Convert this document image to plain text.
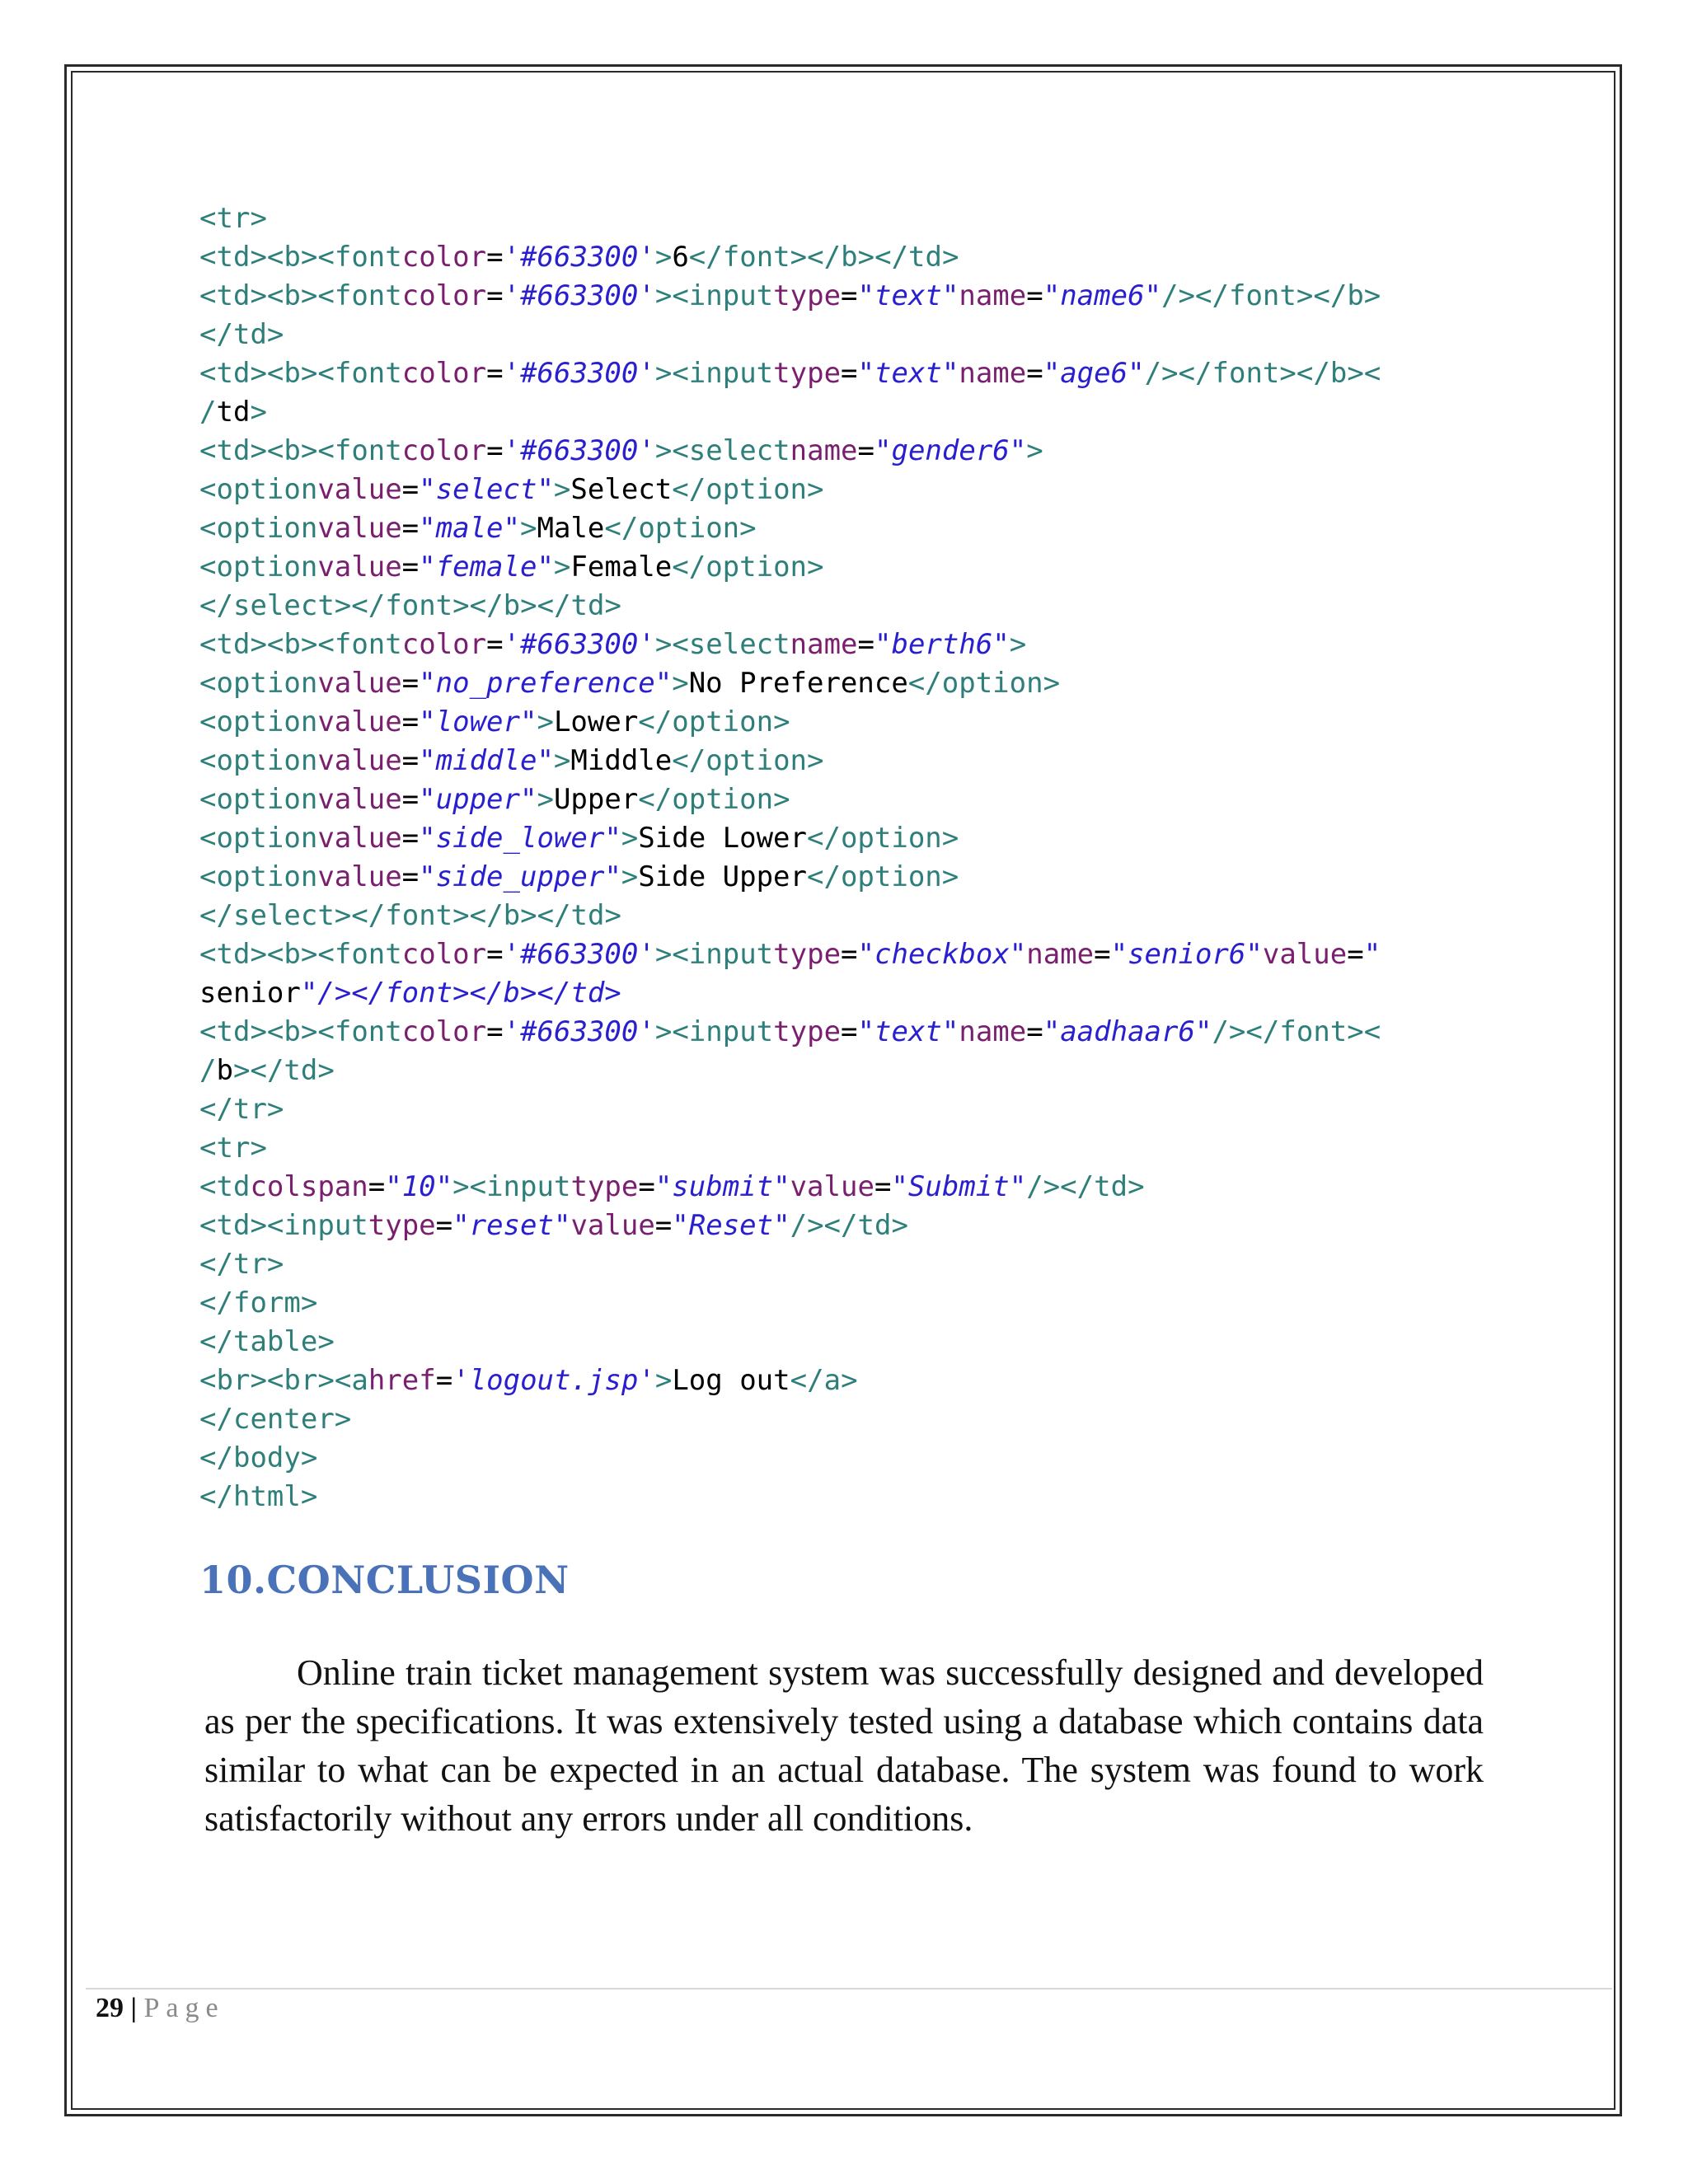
<tr>
<td><b><fontcolor='#663300'>6</font></b></td>
<td><b><fontcolor='#663300'><inputtype="text"name="name6"/></font></b>
</td>
<td><b><fontcolor='#663300'><inputtype="text"name="age6"/></font></b><
/td>
<td><b><fontcolor='#663300'><selectname="gender6">
<optionvalue="select">Select</option>
<optionvalue="male">Male</option>
<optionvalue="female">Female</option>
</select></font></b></td>
<td><b><fontcolor='#663300'><selectname="berth6">
<optionvalue="no_preference">No Preference</option>
<optionvalue="lower">Lower</option>
<optionvalue="middle">Middle</option>
<optionvalue="upper">Upper</option>
<optionvalue="side_lower">Side Lower</option>
<optionvalue="side_upper">Side Upper</option>
</select></font></b></td>
<td><b><fontcolor='#663300'><inputtype="checkbox"name="senior6"value="
senior"/></font></b></td>
<td><b><fontcolor='#663300'><inputtype="text"name="aadhaar6"/></font><
/b></td>
</tr>
<tr>
<tdcolspan="10"><inputtype="submit"value="Submit"/></td>
<td><inputtype="reset"value="Reset"/></td>
</tr>
</form>
</table>
<br><br><ahref='logout.jsp'>Log out</a>
</center>
</body>
</html>
10.CONCLUSION
Online train ticket management system was successfully designed and developed as per the specifications. It was extensively tested using a database which contains data similar to what can be expected in an actual database. The system was found to work satisfactorily without any errors under all conditions.
29 | Page
